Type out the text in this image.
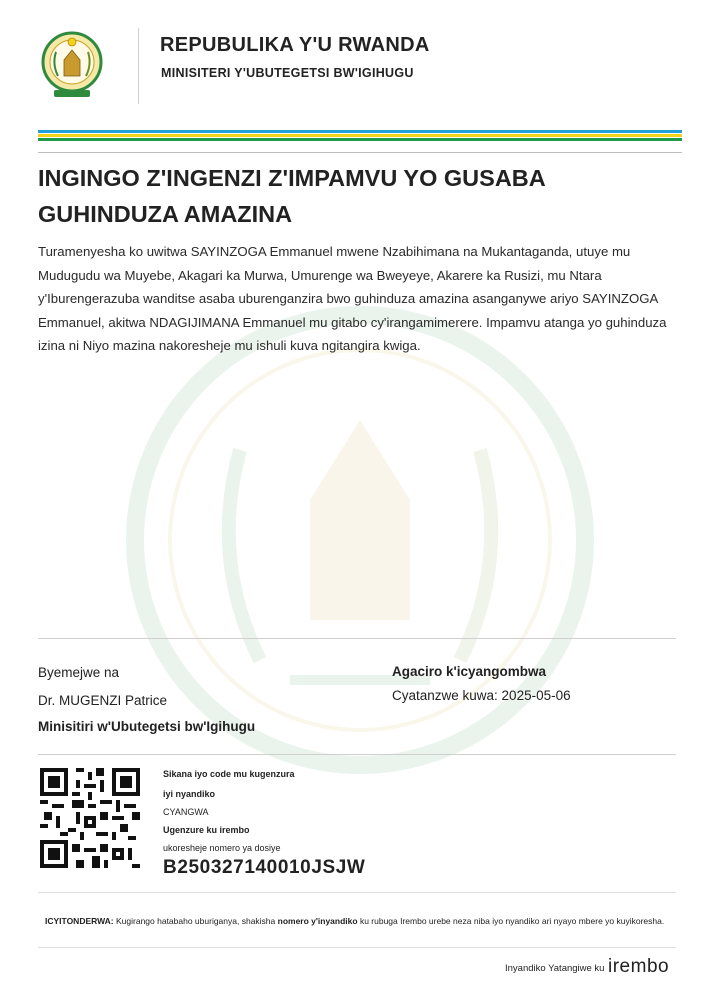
REPUBULIKA Y'U RWANDA
MINISITERI Y'UBUTEGETSI BW'IGIHUGU
INGINGO Z'INGENZI Z'IMPAMVU YO GUSABA GUHINDUZA AMAZINA

Turamenyesha ko uwitwa SAYINZOGA Emmanuel mwene Nzabihimana na Mukantaganda, utuye mu Mudugudu wa Muyebe, Akagari ka Murwa, Umurenge wa Bweyeye, Akarere ka Rusizi, mu Ntara y'Iburengerazuba wanditse asaba uburenganzira bwo guhinduza amazina asanganywe ariyo SAYINZOGA Emmanuel, akitwa NDAGIJIMANA Emmanuel mu gitabo cy'irangamimerere. Impamvu atanga yo guhinduza izina ni Niyo mazina nakoresheje mu ishuli kuva ngitangira kwiga.

Byemejwe na
Dr. MUGENZI Patrice
Minisitiri w'Ubutegetsi bw'Igihugu
Agaciro k'icyangombwa
Cyatanzwe kuwa: 2025-05-06
Sikana iyo code mu kugenzura
iyi nyandiko
CYANGWA
Ugenzure ku irembo
ukoresheje nomero ya dosiye
B250327140010JSJW
ICYITONDERWA: Kugirango hatabaho uburiganya, shakisha nomero y'inyandiko ku rubuga Irembo urebe neza niba iyo nyandiko ari nyayo mbere yo kuyikoresha.
Inyandiko Yatangiwe ku irembo
